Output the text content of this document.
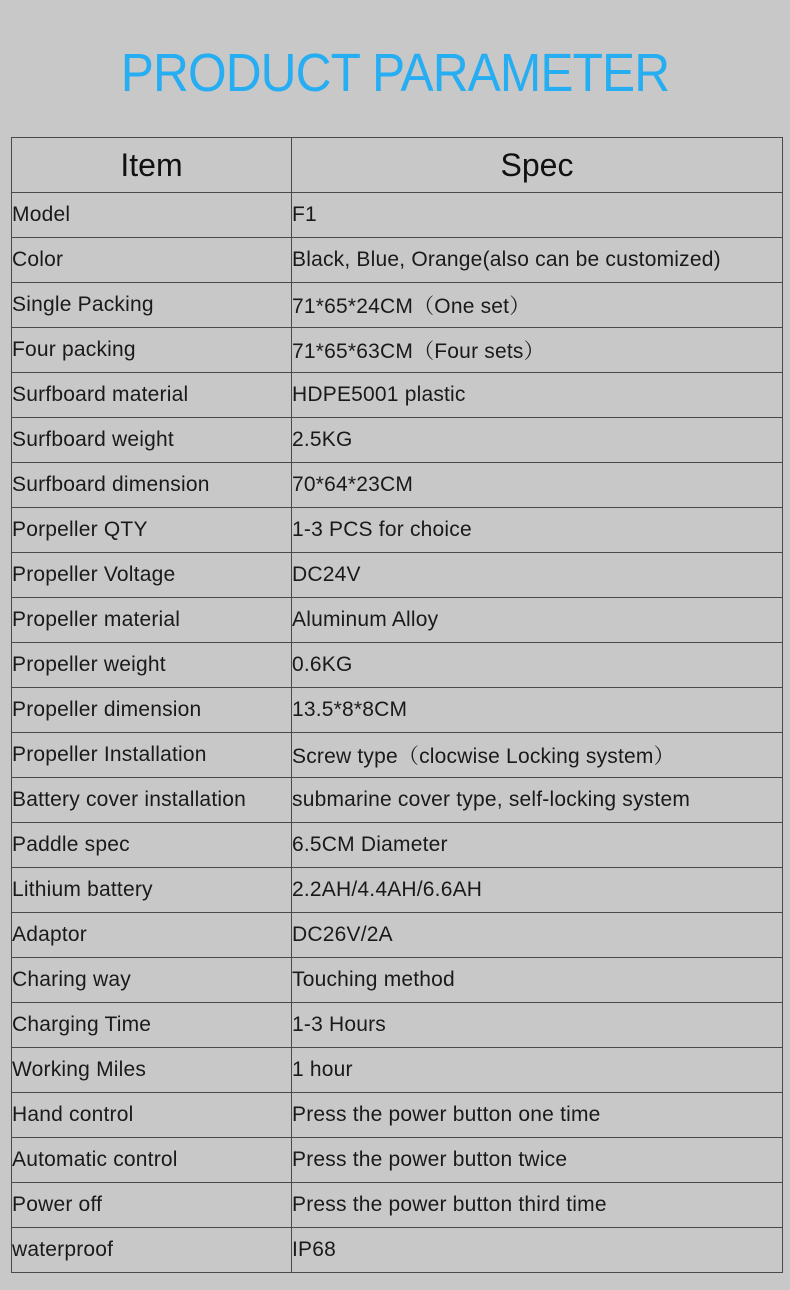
PRODUCT PARAMETER
Item	Spec
Model	F1
Color	Black, Blue, Orange(also can be customized)
Single Packing	71*65*24CM（One set）
Four packing	71*65*63CM（Four sets）
Surfboard material	HDPE5001 plastic
Surfboard weight	2.5KG
Surfboard dimension	70*64*23CM
Porpeller QTY	1-3 PCS for choice
Propeller Voltage	DC24V
Propeller material	Aluminum Alloy
Propeller weight	0.6KG
Propeller dimension	13.5*8*8CM
Propeller Installation	Screw type（clocwise Locking system）
Battery cover installation	submarine cover type, self-locking system
Paddle spec	6.5CM Diameter
Lithium battery	2.2AH/4.4AH/6.6AH
Adaptor	DC26V/2A
Charing way	Touching method
Charging Time	1-3 Hours
Working Miles	1 hour
Hand control	Press the power button one time
Automatic control	Press the power button twice
Power off	Press the power button third time
waterproof	IP68
